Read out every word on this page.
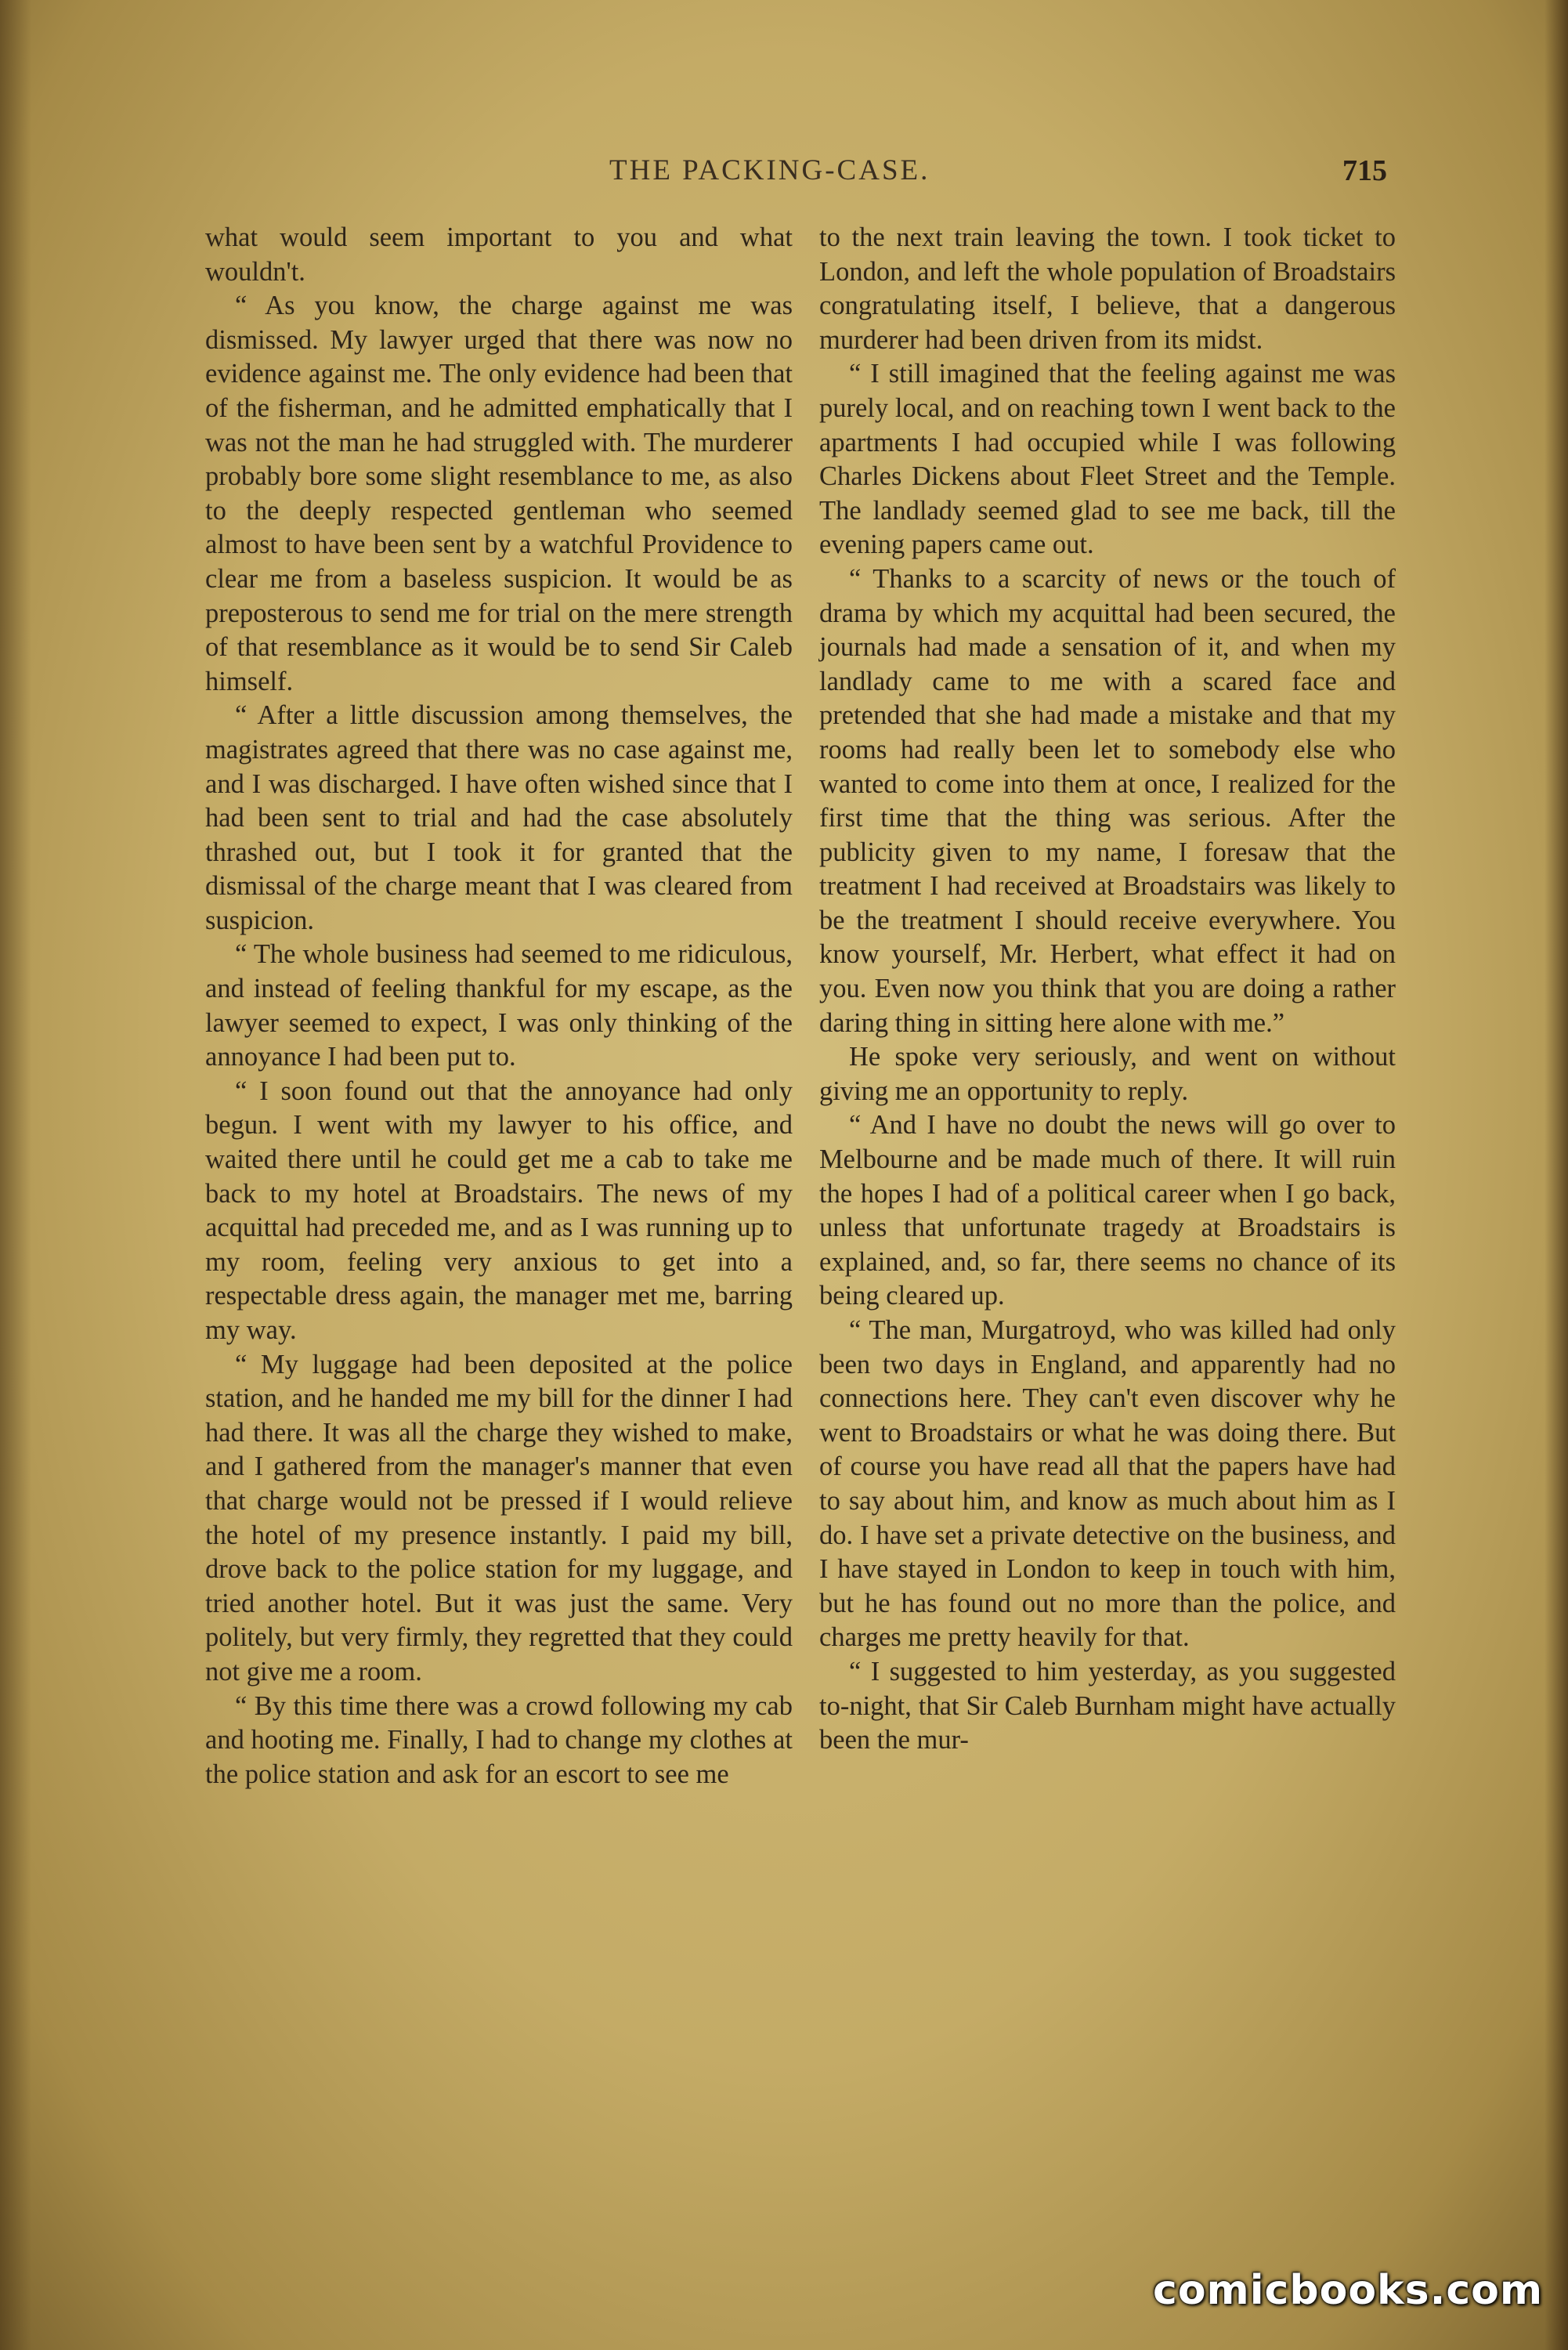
THE PACKING-CASE.	715

what would seem important to you and what wouldn't.

“ As you know, the charge against me was dismissed. My lawyer urged that there was now no evidence against me. The only evidence had been that of the fisherman, and he admitted emphatically that I was not the man he had struggled with. The murderer probably bore some slight resemblance to me, as also to the deeply respected gentleman who seemed almost to have been sent by a watchful Providence to clear me from a baseless suspicion. It would be as preposterous to send me for trial on the mere strength of that resemblance as it would be to send Sir Caleb himself.

“ After a little discussion among themselves, the magistrates agreed that there was no case against me, and I was discharged. I have often wished since that I had been sent to trial and had the case absolutely thrashed out, but I took it for granted that the dismissal of the charge meant that I was cleared from suspicion.

“ The whole business had seemed to me ridiculous, and instead of feeling thankful for my escape, as the lawyer seemed to expect, I was only thinking of the annoyance I had been put to.

“ I soon found out that the annoyance had only begun. I went with my lawyer to his office, and waited there until he could get me a cab to take me back to my hotel at Broadstairs. The news of my acquittal had preceded me, and as I was running up to my room, feeling very anxious to get into a respectable dress again, the manager met me, barring my way.

“ My luggage had been deposited at the police station, and he handed me my bill for the dinner I had had there. It was all the charge they wished to make, and I gathered from the manager's manner that even that charge would not be pressed if I would relieve the hotel of my presence instantly. I paid my bill, drove back to the police station for my luggage, and tried another hotel. But it was just the same. Very politely, but very firmly, they regretted that they could not give me a room.

“ By this time there was a crowd following my cab and hooting me. Finally, I had to change my clothes at the police station and ask for an escort to see me

to the next train leaving the town. I took ticket to London, and left the whole population of Broadstairs congratulating itself, I believe, that a dangerous murderer had been driven from its midst.

“ I still imagined that the feeling against me was purely local, and on reaching town I went back to the apartments I had occupied while I was following Charles Dickens about Fleet Street and the Temple. The landlady seemed glad to see me back, till the evening papers came out.

“ Thanks to a scarcity of news or the touch of drama by which my acquittal had been secured, the journals had made a sensation of it, and when my landlady came to me with a scared face and pretended that she had made a mistake and that my rooms had really been let to somebody else who wanted to come into them at once, I realized for the first time that the thing was serious. After the publicity given to my name, I foresaw that the treatment I had received at Broadstairs was likely to be the treatment I should receive everywhere. You know yourself, Mr. Herbert, what effect it had on you. Even now you think that you are doing a rather daring thing in sitting here alone with me.”

He spoke very seriously, and went on without giving me an opportunity to reply.

“ And I have no doubt the news will go over to Melbourne and be made much of there. It will ruin the hopes I had of a political career when I go back, unless that unfortunate tragedy at Broadstairs is explained, and, so far, there seems no chance of its being cleared up.

“ The man, Murgatroyd, who was killed had only been two days in England, and apparently had no connections here. They can't even discover why he went to Broadstairs or what he was doing there. But of course you have read all that the papers have had to say about him, and know as much about him as I do. I have set a private detective on the business, and I have stayed in London to keep in touch with him, but he has found out no more than the police, and charges me pretty heavily for that.

“ I suggested to him yesterday, as you suggested to-night, that Sir Caleb Burnham might have actually been the mur-

comicbooks.com
